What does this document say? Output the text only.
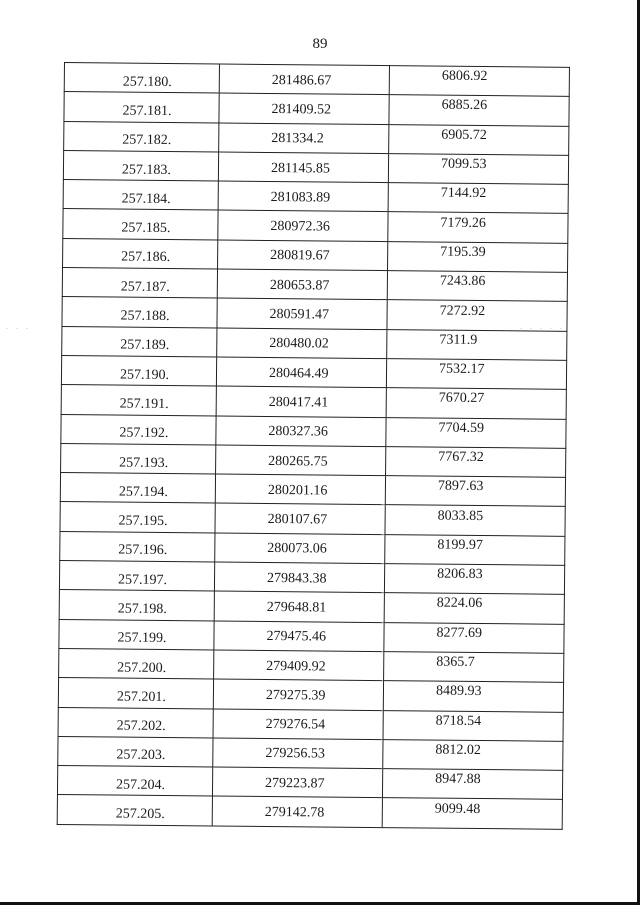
. . .	. . . . .
89
257.180.	281486.67	6806.92
257.181.	281409.52	6885.26
257.182.	281334.2	6905.72
257.183.	281145.85	7099.53
257.184.	281083.89	7144.92
257.185.	280972.36	7179.26
257.186.	280819.67	7195.39
257.187.	280653.87	7243.86
257.188.	280591.47	7272.92
257.189.	280480.02	7311.9
257.190.	280464.49	7532.17
257.191.	280417.41	7670.27
257.192.	280327.36	7704.59
257.193.	280265.75	7767.32
257.194.	280201.16	7897.63
257.195.	280107.67	8033.85
257.196.	280073.06	8199.97
257.197.	279843.38	8206.83
257.198.	279648.81	8224.06
257.199.	279475.46	8277.69
257.200.	279409.92	8365.7
257.201.	279275.39	8489.93
257.202.	279276.54	8718.54
257.203.	279256.53	8812.02
257.204.	279223.87	8947.88
257.205.	279142.78	9099.48
